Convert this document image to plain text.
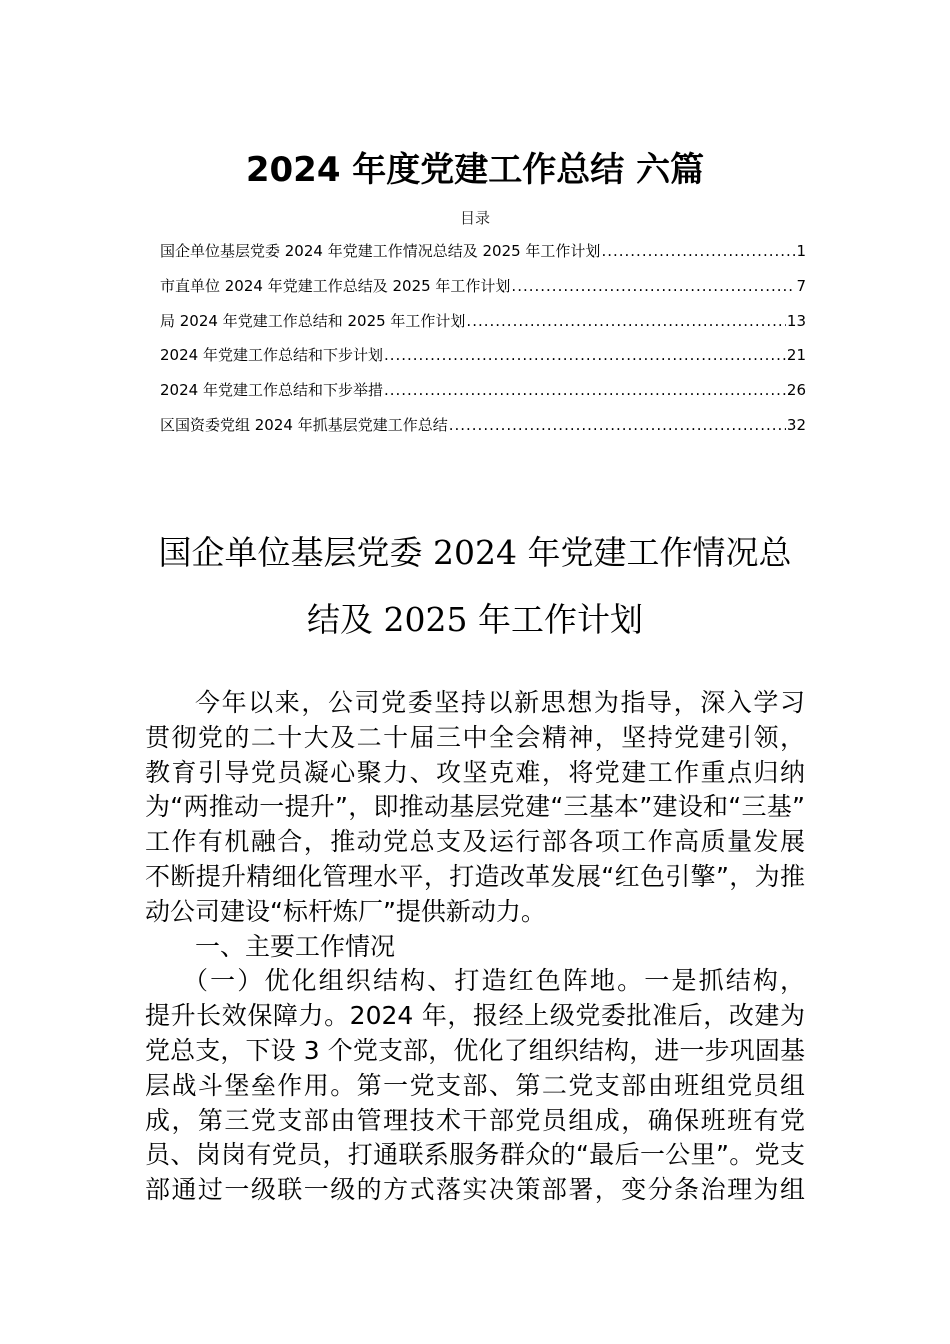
2024 年度党建工作总结 六篇
目录
国企单位基层党委 2024 年党建工作情况总结及 2025 年工作计划 .....	1
市直单位 2024 年党建工作总结及 2025 年工作计划 .....	7
局 2024 年党建工作总结和 2025 年工作计划 .....	13
2024 年党建工作总结和下步计划 .....	21
2024 年党建工作总结和下步举措 .....	26
区国资委党组 2024 年抓基层党建工作总结 .....	32
国企单位基层党委 2024 年党建工作情况总
结及 2025 年工作计划
今年以来，公司党委坚持以新思想为指导，深入学习
贯彻党的二十大及二十届三中全会精神，坚持党建引领，
教育引导党员凝心聚力、攻坚克难，将党建工作重点归纳
为“两推动一提升”，即推动基层党建“三基本”建设和“三基”
工作有机融合，推动党总支及运行部各项工作高质量发展
不断提升精细化管理水平，打造改革发展“红色引擎”，为推
动公司建设“标杆炼厂”提供新动力。
一、主要工作情况
（一）优化组织结构、打造红色阵地。一是抓结构，
提升长效保障力。2024 年，报经上级党委批准后，改建为
党总支，下设 3 个党支部，优化了组织结构，进一步巩固基
层战斗堡垒作用。第一党支部、第二党支部由班组党员组
成，第三党支部由管理技术干部党员组成，确保班班有党
员、岗岗有党员，打通联系服务群众的“最后一公里”。党支
部通过一级联一级的方式落实决策部署，变分条治理为组
